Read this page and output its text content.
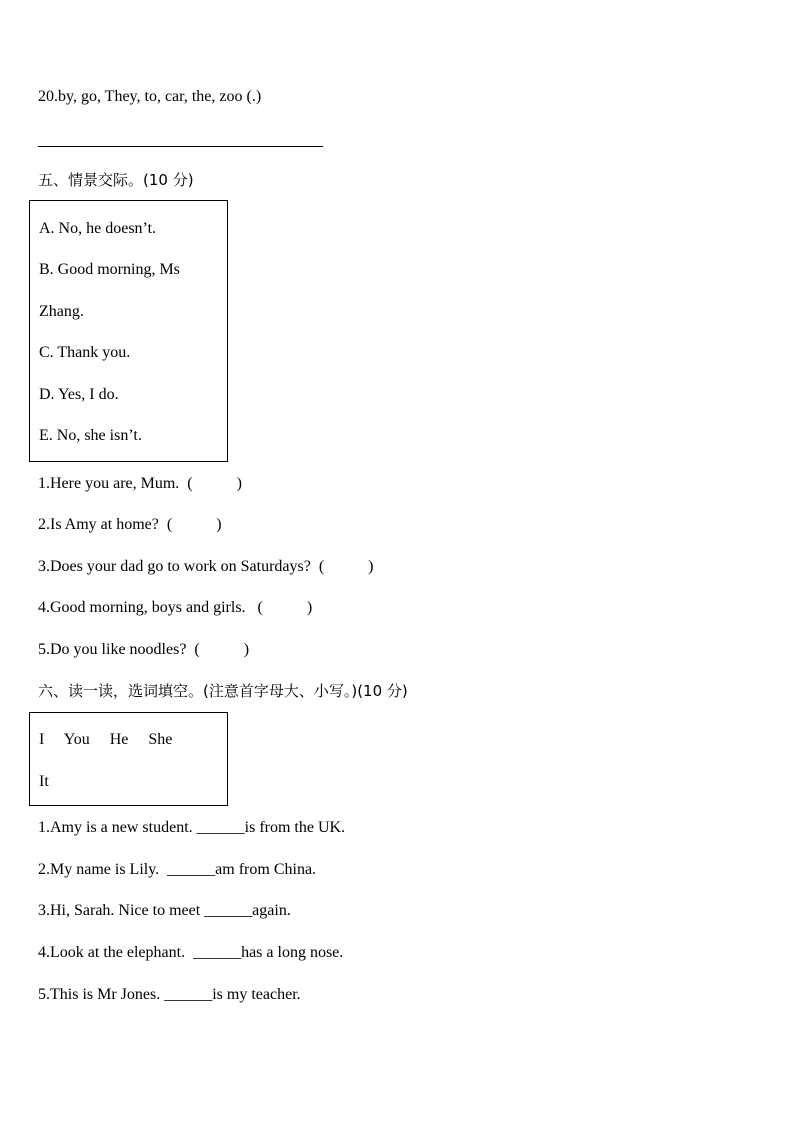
20.by, go, They, to, car, the, zoo (.)
五、情景交际。(10 分)
A. No, he doesn’t.
B. Good morning, Ms
Zhang.
C. Thank you.
D. Yes, I do.
E. No, she isn’t.
1.Here you are, Mum.  (           )
2.Is Amy at home?  (           )
3.Does your dad go to work on Saturdays?  (           )
4.Good morning, boys and girls.   (           )
5.Do you like noodles?  (           )
六、读一读，选词填空。(注意首字母大、小写。)(10 分)
I     You     He     She
It
1.Amy is a new student. ______is from the UK.
2.My name is Lily.  ______am from China.
3.Hi, Sarah. Nice to meet ______again.
4.Look at the elephant.  ______has a long nose.
5.This is Mr Jones. ______is my teacher.
